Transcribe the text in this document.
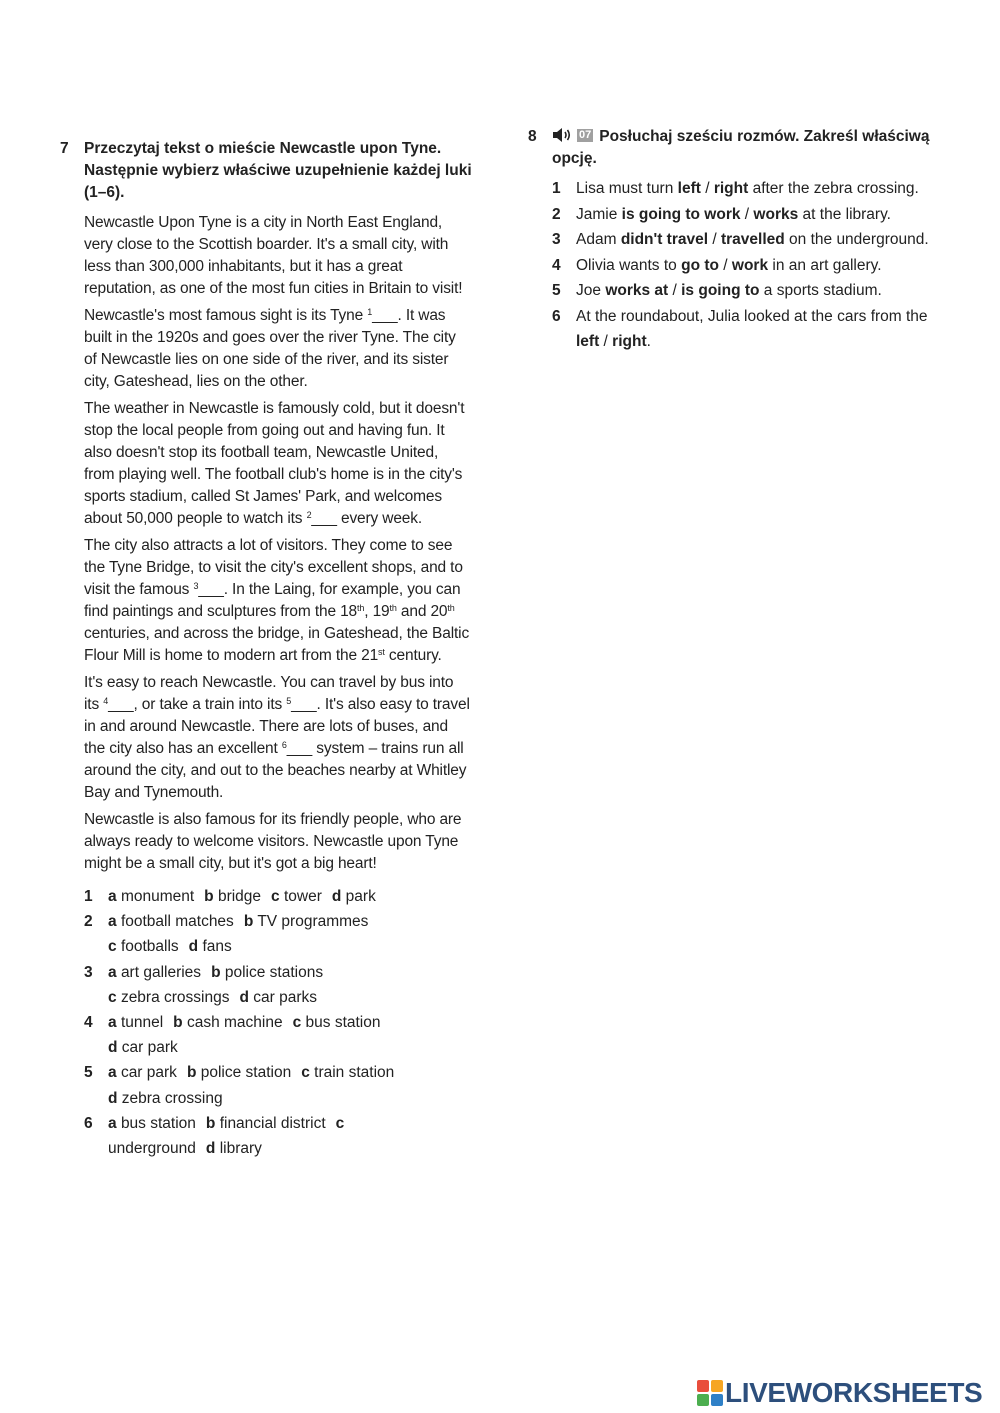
7 Przeczytaj tekst o mieście Newcastle upon Tyne. Następnie wybierz właściwe uzupełnienie każdej luki (1–6).

Newcastle Upon Tyne is a city in North East England, very close to the Scottish boarder. It's a small city, with less than 300,000 inhabitants, but it has a great reputation, as one of the most fun cities in Britain to visit!

Newcastle's most famous sight is its Tyne $^1$___. It was built in the 1920s and goes over the river Tyne. The city of Newcastle lies on one side of the river, and its sister city, Gateshead, lies on the other.

The weather in Newcastle is famously cold, but it doesn't stop the local people from going out and having fun. It also doesn't stop its football team, Newcastle United, from playing well. The football club's home is in the city's sports stadium, called St James' Park, and welcomes about 50,000 people to watch its $^2$___ every week.

The city also attracts a lot of visitors. They come to see the Tyne Bridge, to visit the city's excellent shops, and to visit the famous $^3$___. In the Laing, for example, you can find paintings and sculptures from the 18th, 19th and 20th centuries, and across the bridge, in Gateshead, the Baltic Flour Mill is home to modern art from the 21st century.

It's easy to reach Newcastle. You can travel by bus into its $^4$___, or take a train into its $^5$___. It's also easy to travel in and around Newcastle. There are lots of buses, and the city also has an excellent $^6$___ system – trains run all around the city, and out to the beaches nearby at Whitley Bay and Tynemouth.

Newcastle is also famous for its friendly people, who are always ready to welcome visitors. Newcastle upon Tyne might be a small city, but it's got a big heart!

1 a monument b bridge c tower d park
2 a football matches b TV programmes
c footballs d fans
3 a art galleries b police stations
c zebra crossings d car parks
4 a tunnel b cash machine c bus station
d car park
5 a car park b police station c train station
d zebra crossing
6 a bus station b financial district c
underground d library
8	07 Posłuchaj sześciu rozmów. Zakreśl właściwą opcję.
1 Lisa must turn left / right after the zebra crossing.
2 Jamie is going to work / works at the library.
3 Adam didn't travel / travelled on the underground.
4 Olivia wants to go to / work in an art gallery.
5 Joe works at / is going to a sports stadium.
6 At the roundabout, Julia looked at the cars from the left / right.
LIVEWORKSHEETS
